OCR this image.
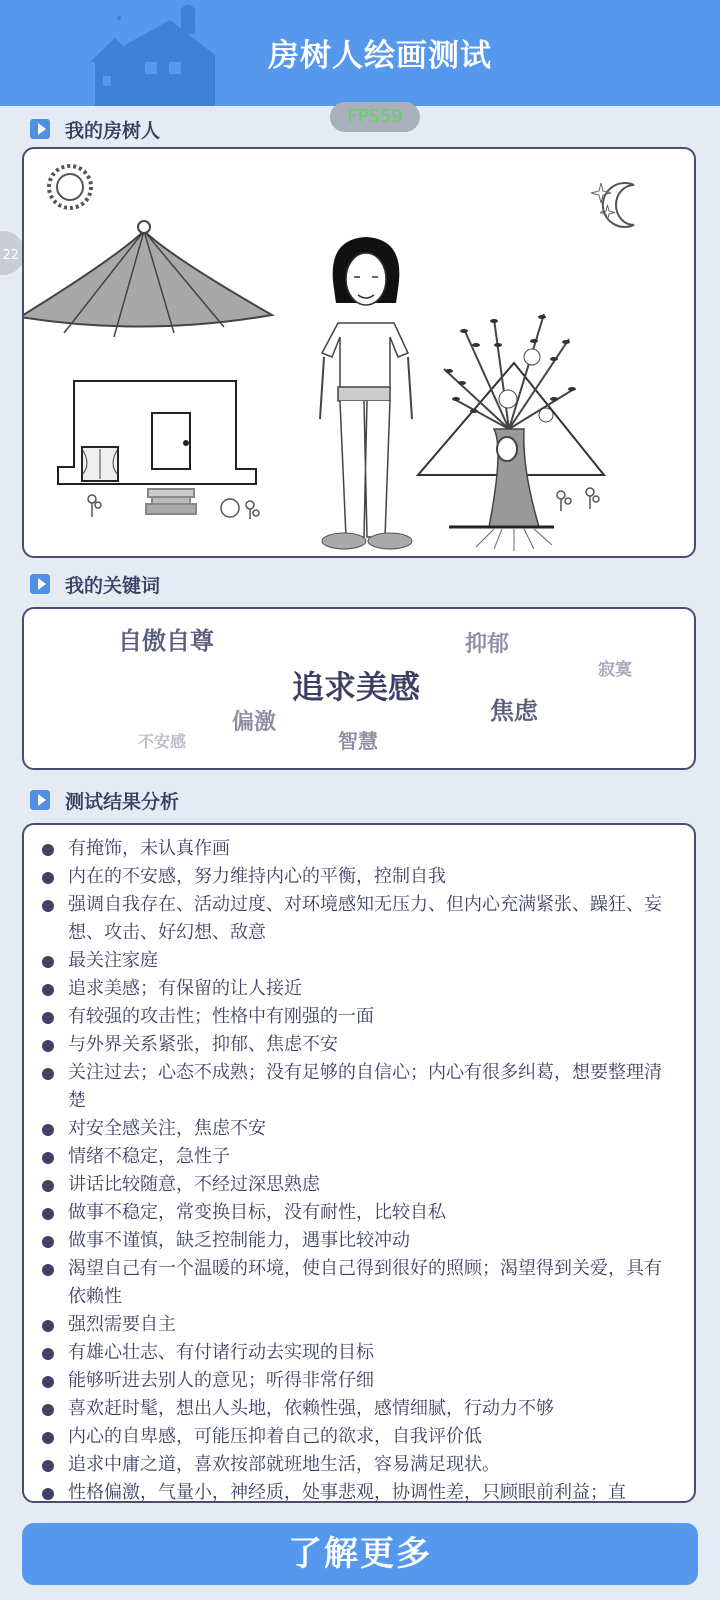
房树人绘画测试
FPS59
22
我的房树人
我的关键词
自傲自尊	抑郁
寂寞
追求美感
焦虑
偏激
不安感	智慧
测试结果分析
有掩饰，未认真作画
内在的不安感，努力维持内心的平衡，控制自我
强调自我存在、活动过度、对环境感知无压力、但内心充满紧张、躁狂、妄想、攻击、好幻想、敌意
最关注家庭
追求美感；有保留的让人接近
有较强的攻击性；性格中有刚强的一面
与外界关系紧张，抑郁、焦虑不安
关注过去；心态不成熟；没有足够的自信心；内心有很多纠葛，想要整理清楚
对安全感关注，焦虑不安
情绪不稳定，急性子
讲话比较随意，不经过深思熟虑
做事不稳定，常变换目标，没有耐性，比较自私
做事不谨慎，缺乏控制能力，遇事比较冲动
渴望自己有一个温暖的环境，使自己得到很好的照顾；渴望得到关爱，具有依赖性
强烈需要自主
有雄心壮志、有付诸行动去实现的目标
能够听进去别人的意见；听得非常仔细
喜欢赶时髦，想出人头地，依赖性强，感情细腻，行动力不够
内心的自卑感，可能压抑着自己的欲求，自我评价低
追求中庸之道，喜欢按部就班地生活，容易满足现状。
性格偏激，气量小，神经质，处事悲观，协调性差，只顾眼前利益；直
了解更多
